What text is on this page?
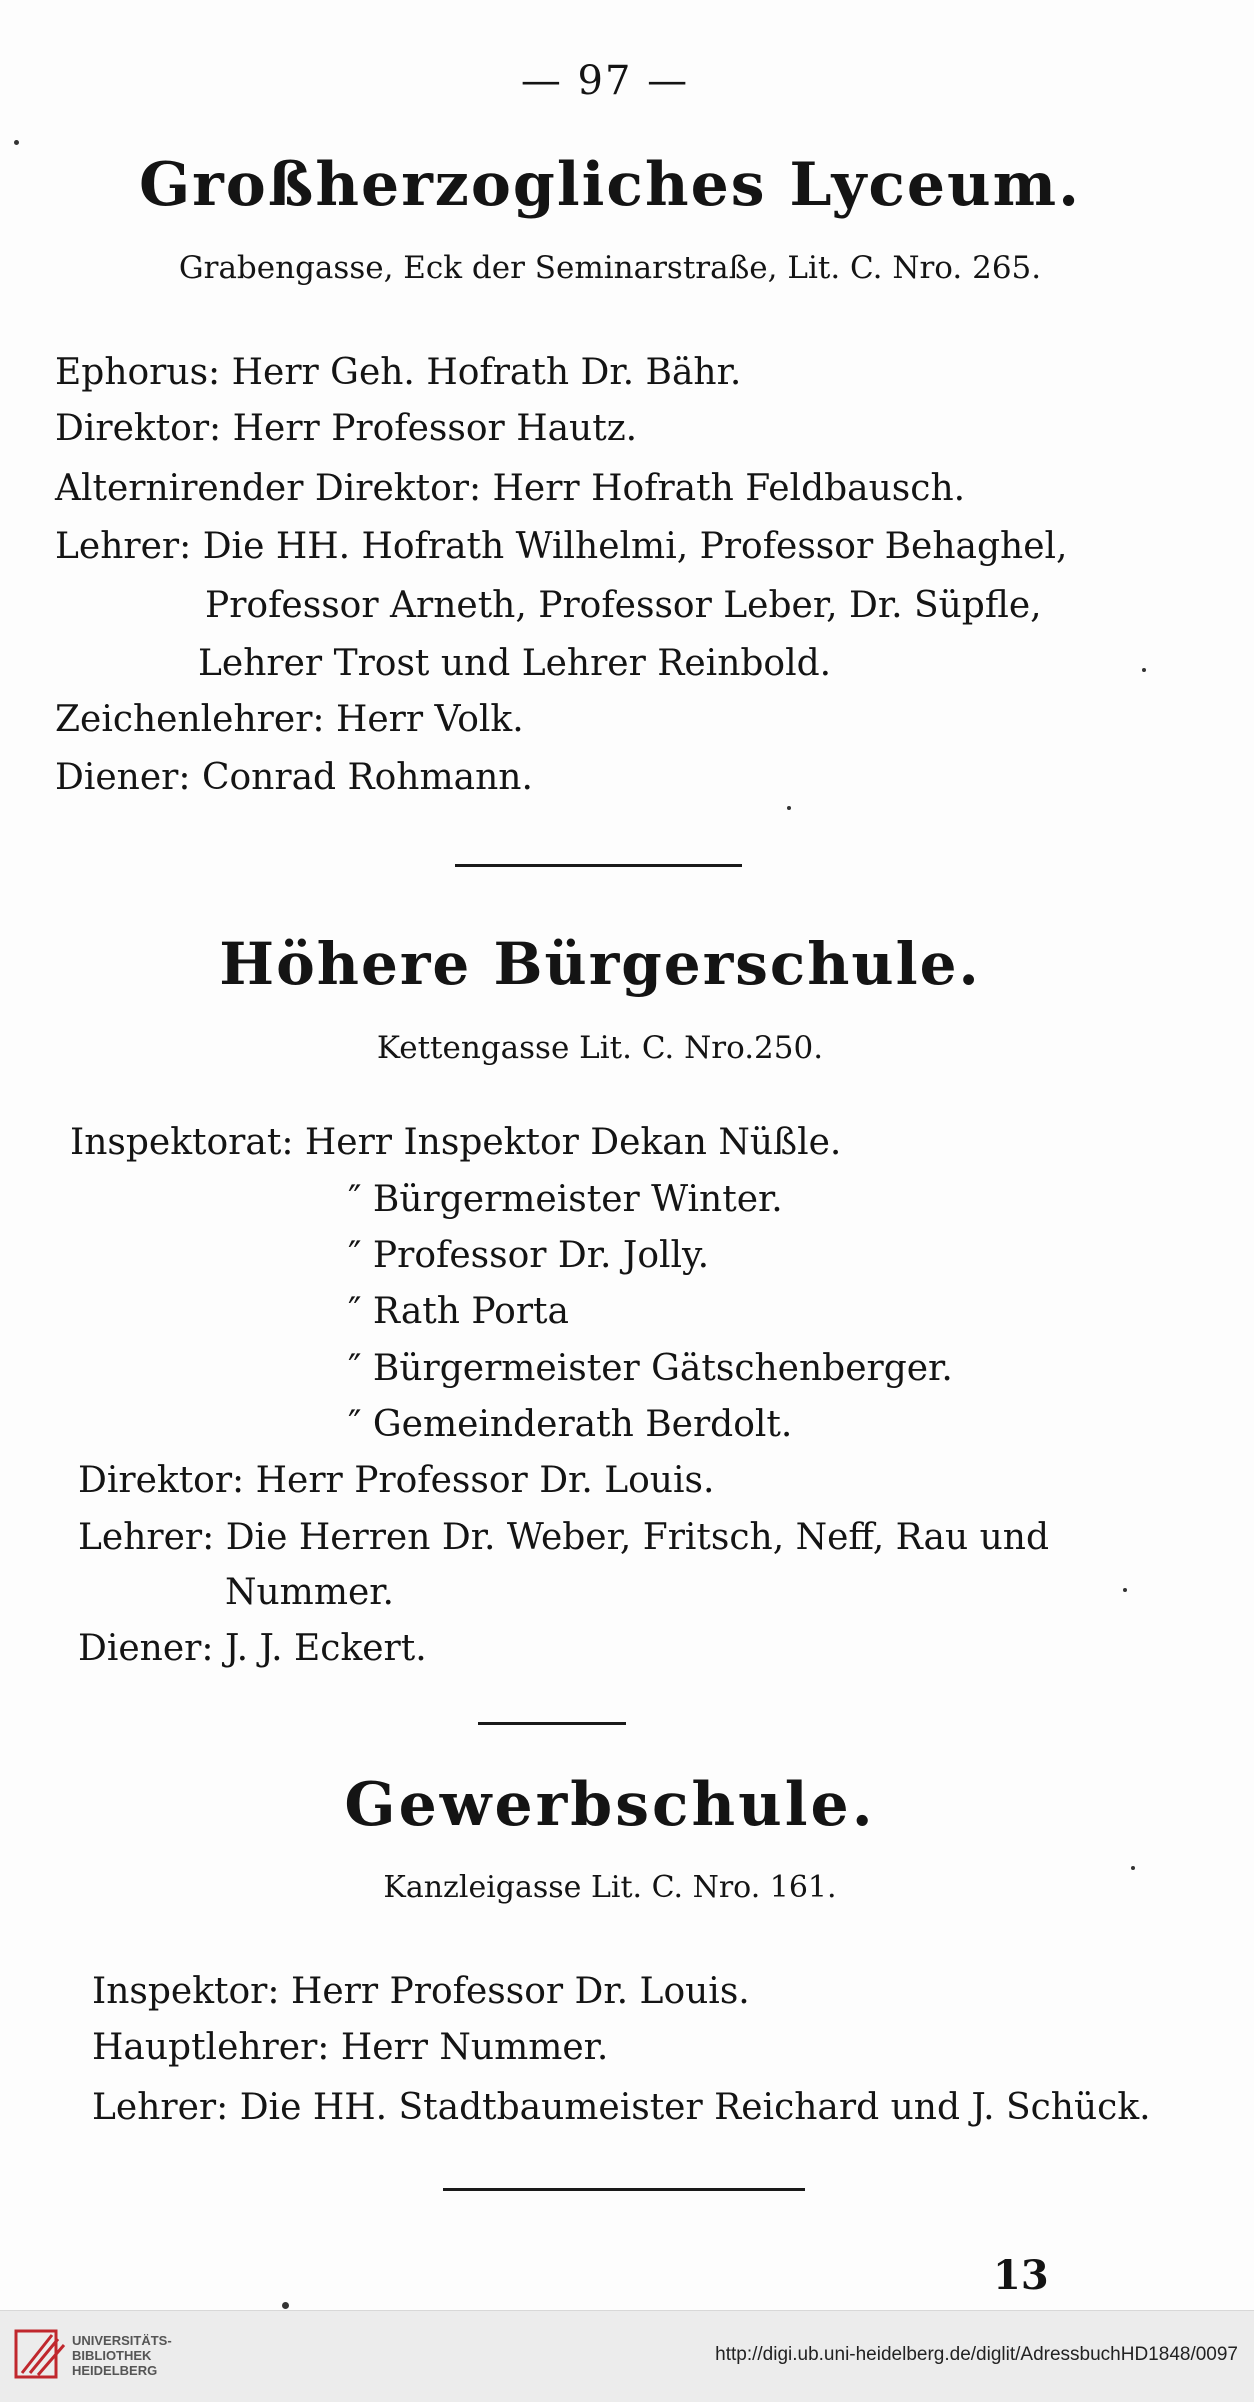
— 97 —
Großherzogliches Lyceum.
Grabengasse, Eck der Seminarstraße, Lit. C. Nro. 265.
Ephorus: Herr Geh. Hofrath Dr. Bähr.
Direktor: Herr Professor Hautz.
Alternirender Direktor: Herr Hofrath Feldbausch.
Lehrer: Die HH. Hofrath Wilhelmi, Professor Behaghel,
Professor Arneth, Professor Leber, Dr. Süpfle,
Lehrer Trost und Lehrer Reinbold.
Zeichenlehrer: Herr Volk.
Diener: Conrad Rohmann.
Höhere Bürgerschule.
Kettengasse Lit. C. Nro.250.
Inspektorat: Herr Inspektor Dekan Nüßle.
″ Bürgermeister Winter.
″ Professor Dr. Jolly.
″ Rath Porta
″ Bürgermeister Gätschenberger.
″ Gemeinderath Berdolt.
Direktor: Herr Professor Dr. Louis.
Lehrer: Die Herren Dr. Weber, Fritsch, Neff, Rau und
Nummer.
Diener: J. J. Eckert.
Gewerbschule.
Kanzleigasse Lit. C. Nro. 161.
Inspektor: Herr Professor Dr. Louis.
Hauptlehrer: Herr Nummer.
Lehrer: Die HH. Stadtbaumeister Reichard und J. Schück.
13
UNIVERSITÄTS-
BIBLIOTHEK
HEIDELBERG
http://digi.ub.uni-heidelberg.de/diglit/AdressbuchHD1848/0097
